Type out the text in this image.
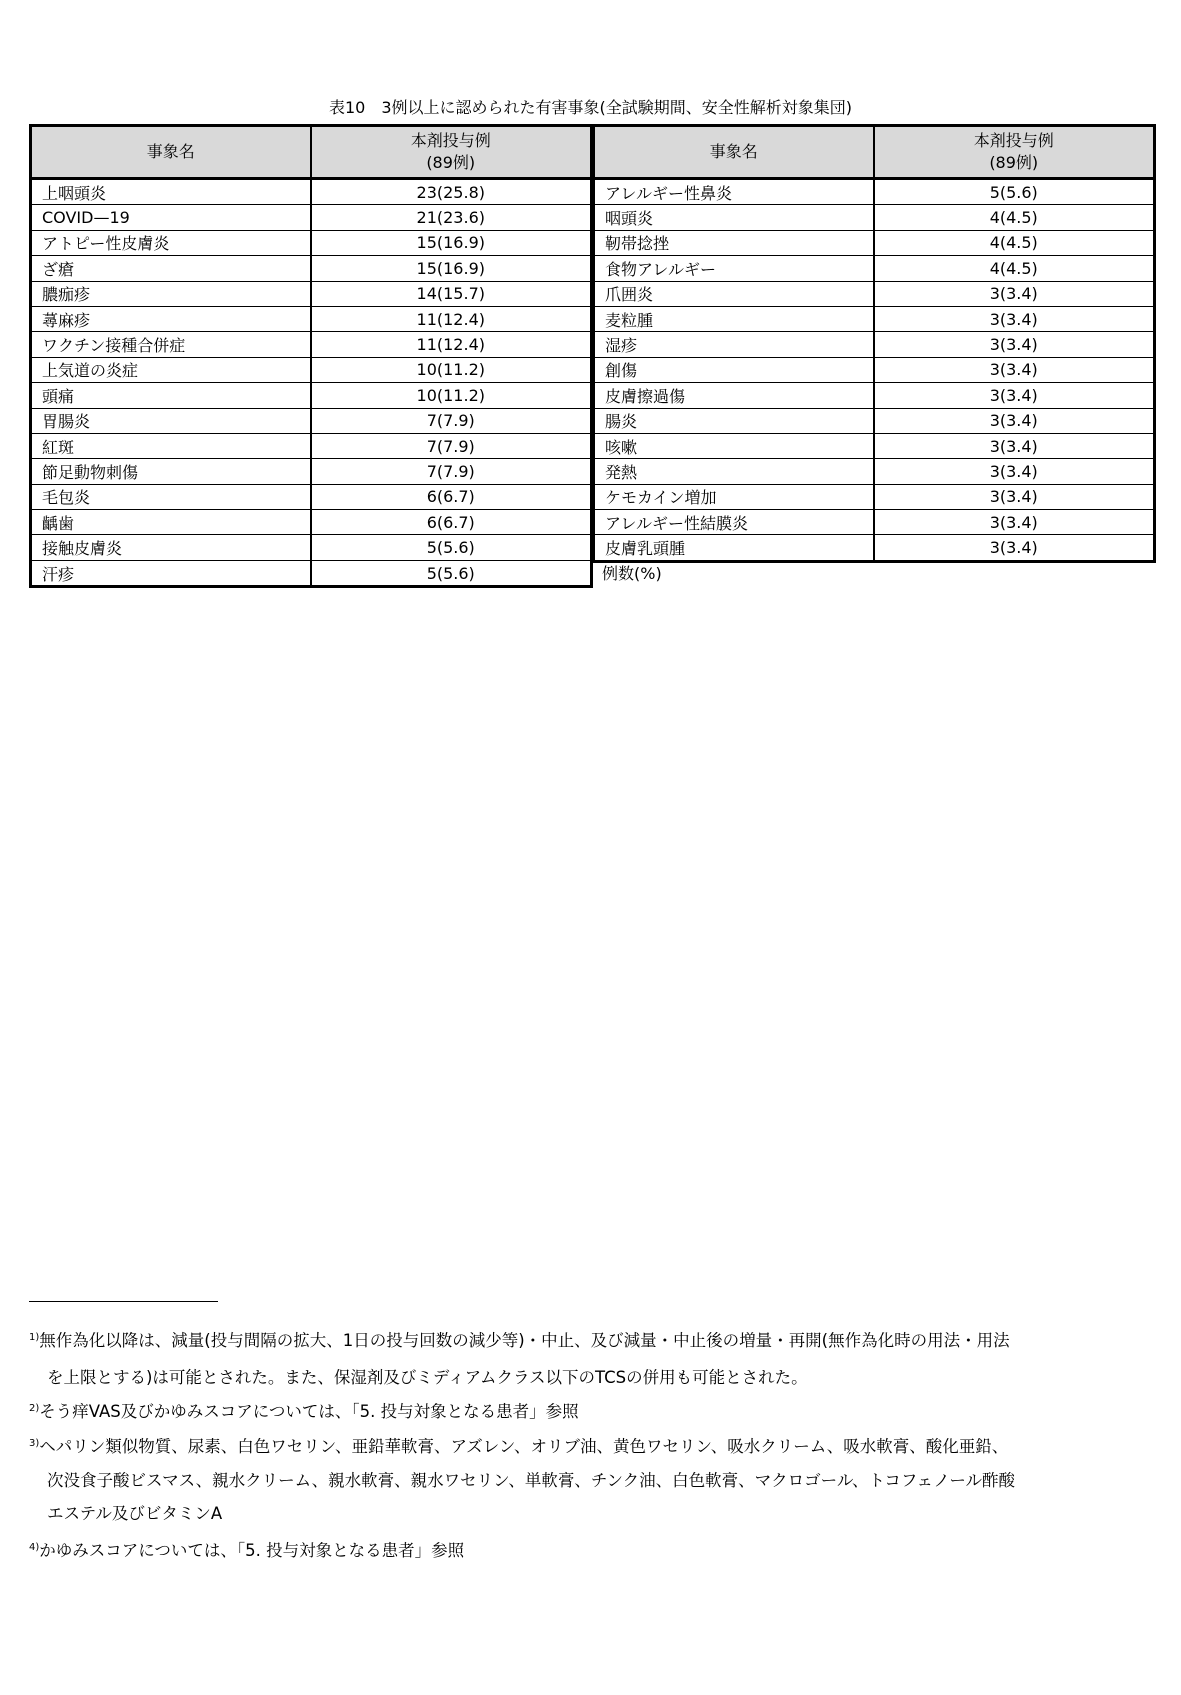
表10　3例以上に認められた有害事象(全試験期間、安全性解析対象集団)
事象名	本剤投与例
(89例)
上咽頭炎	23(25.8)
COVID—19	21(23.6)
アトピー性皮膚炎	15(16.9)
ざ瘡	15(16.9)
膿痂疹	14(15.7)
蕁麻疹	11(12.4)
ワクチン接種合併症	11(12.4)
上気道の炎症	10(11.2)
頭痛	10(11.2)
胃腸炎	7(7.9)
紅斑	7(7.9)
節足動物刺傷	7(7.9)
毛包炎	6(6.7)
齲歯	6(6.7)
接触皮膚炎	5(5.6)
汗疹	5(5.6)
事象名	本剤投与例
(89例)
アレルギー性鼻炎	5(5.6)
咽頭炎	4(4.5)
靭帯捻挫	4(4.5)
食物アレルギー	4(4.5)
爪囲炎	3(3.4)
麦粒腫	3(3.4)
湿疹	3(3.4)
創傷	3(3.4)
皮膚擦過傷	3(3.4)
腸炎	3(3.4)
咳嗽	3(3.4)
発熱	3(3.4)
ケモカイン増加	3(3.4)
アレルギー性結膜炎	3(3.4)
皮膚乳頭腫	3(3.4)
例数(%)
$^{1)}$無作為化以降は、減量(投与間隔の拡大、1日の投与回数の減少等)・中止、及び減量・中止後の増量・再開(無作為化時の用法・用法
を上限とする)は可能とされた。また、保湿剤及びミディアムクラス以下のTCSの併用も可能とされた。
$^{2)}$そう痒VAS及びかゆみスコアについては、「5. 投与対象となる患者」参照
$^{3)}$ヘパリン類似物質、尿素、白色ワセリン、亜鉛華軟膏、アズレン、オリブ油、黄色ワセリン、吸水クリーム、吸水軟膏、酸化亜鉛、
次没食子酸ビスマス、親水クリーム、親水軟膏、親水ワセリン、単軟膏、チンク油、白色軟膏、マクロゴール、トコフェノール酢酸
エステル及びビタミンA
$^{4)}$かゆみスコアについては、「5. 投与対象となる患者」参照
